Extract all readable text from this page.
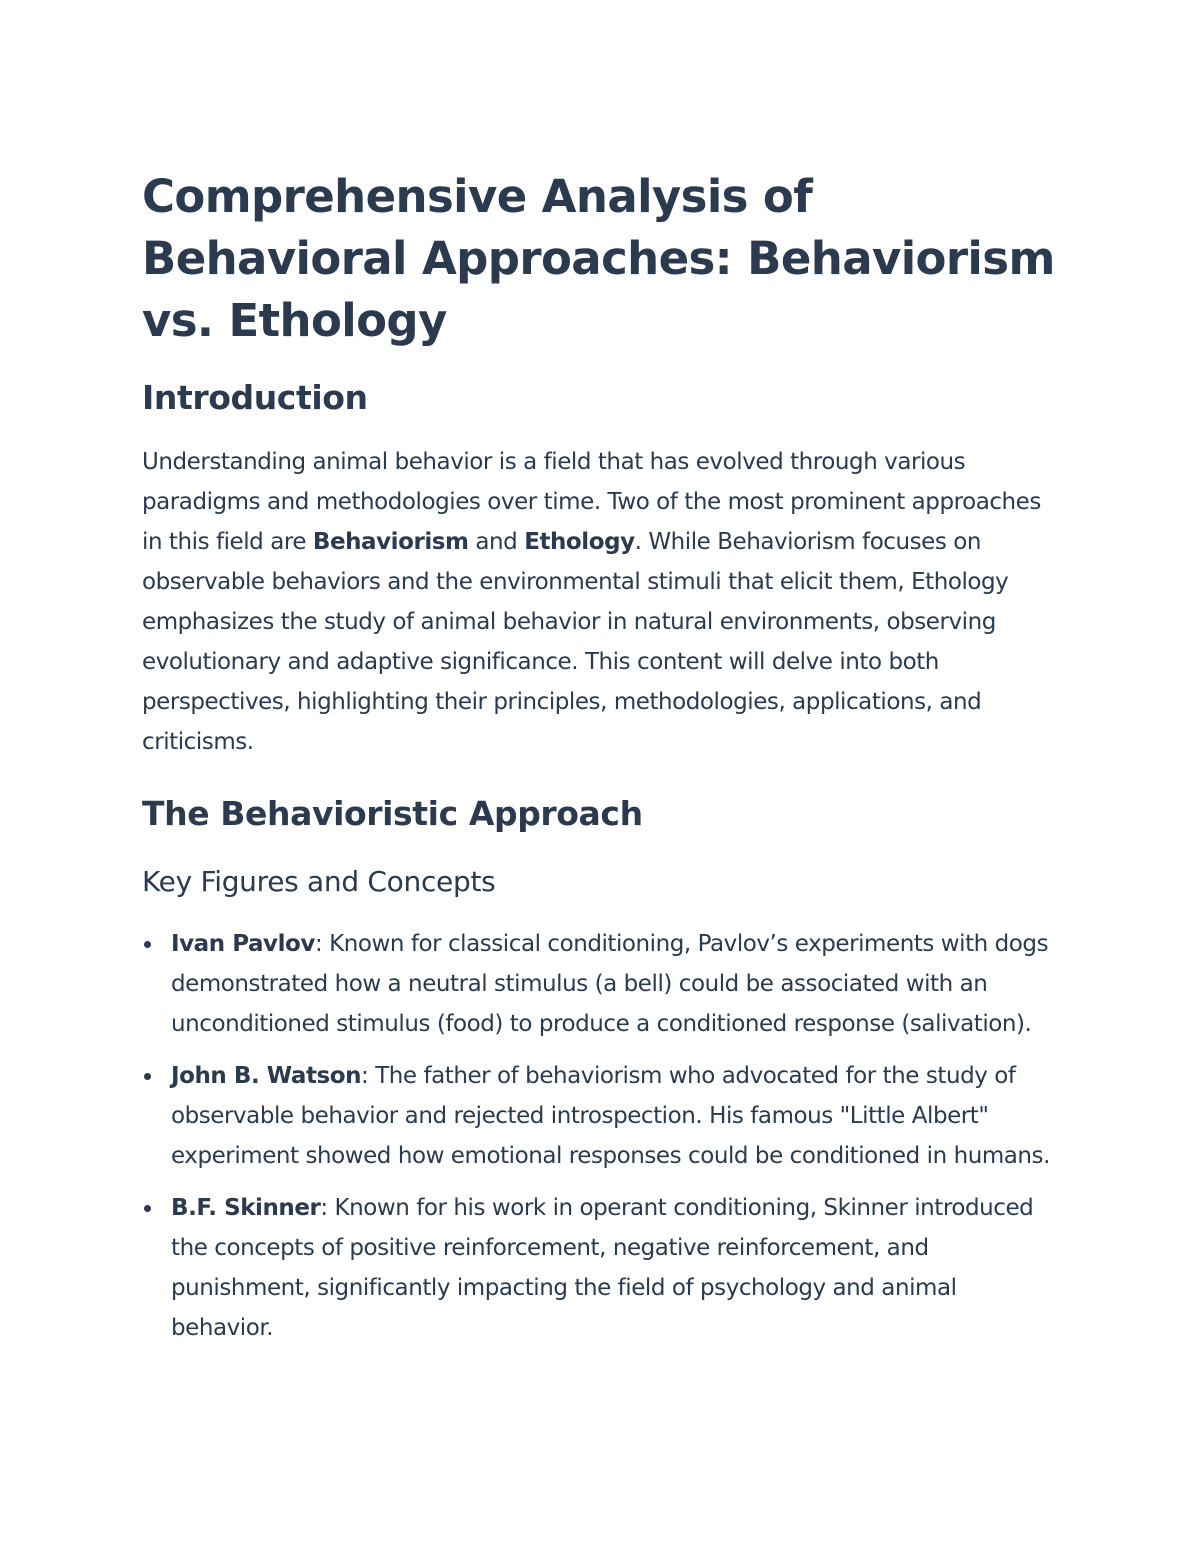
Comprehensive Analysis of Behavioral Approaches: Behaviorism vs. Ethology
Introduction

Understanding animal behavior is a field that has evolved through various paradigms and methodologies over time. Two of the most prominent approaches in this field are Behaviorism and Ethology. While Behaviorism focuses on observable behaviors and the environmental stimuli that elicit them, Ethology emphasizes the study of animal behavior in natural environments, observing evolutionary and adaptive significance. This content will delve into both perspectives, highlighting their principles, methodologies, applications, and criticisms.

The Behavioristic Approach
Key Figures and Concepts
Ivan Pavlov: Known for classical conditioning, Pavlov’s experiments with dogs demonstrated how a neutral stimulus (a bell) could be associated with an unconditioned stimulus (food) to produce a conditioned response (salivation).
John B. Watson: The father of behaviorism who advocated for the study of observable behavior and rejected introspection. His famous "Little Albert" experiment showed how emotional responses could be conditioned in humans.
B.F. Skinner: Known for his work in operant conditioning, Skinner introduced the concepts of positive reinforcement, negative reinforcement, and punishment, significantly impacting the field of psychology and animal behavior.
